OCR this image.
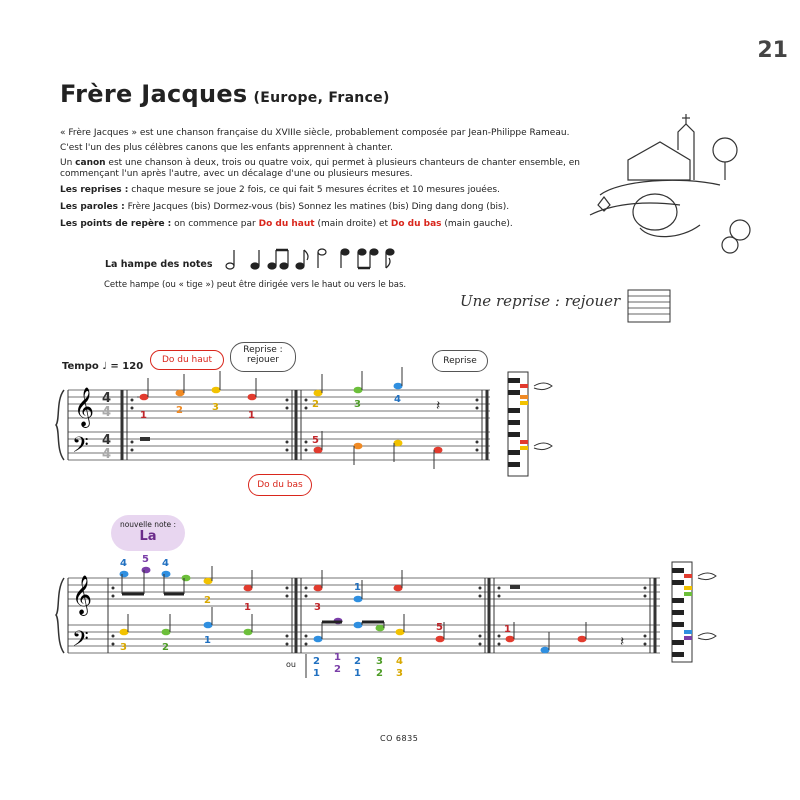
21
Frère Jacques (Europe, France)
« Frère Jacques » est une chanson française du XVIIIe siècle, probablement composée par Jean-Philippe Rameau.
C'est l'un des plus célèbres canons que les enfants apprennent à chanter.
Un canon est une chanson à deux, trois ou quatre voix, qui permet à plusieurs chanteurs de chanter ensemble, en commençant l'un après l'autre, avec un décalage d'une ou plusieurs mesures.
Les reprises : chaque mesure se joue 2 fois, ce qui fait 5 mesures écrites et 10 mesures jouées.
Les paroles : Frère Jacques (bis) Dormez-vous (bis) Sonnez les matines (bis) Ding dang dong (bis).
Les points de repère : on commence par Do du haut (main droite) et Do du bas (main gauche).
La hampe des notes
Cette hampe (ou « tige ») peut être dirigée vers le haut ou vers le bas.
Une reprise : rejouer
Tempo ♩ = 120
Do du haut
Reprise : rejouer	Reprise
Do du bas
nouvelle note :
La
ou
CO 6835
𝄞
𝄢
4
4
4
4
1	2	3
1
2	3	4	𝄽
5
𝄞
𝄢
4 5 4
2
1
3	2
1
3
1
5
2
1
1
2
2
1
3
2
4
3
1
𝄽
